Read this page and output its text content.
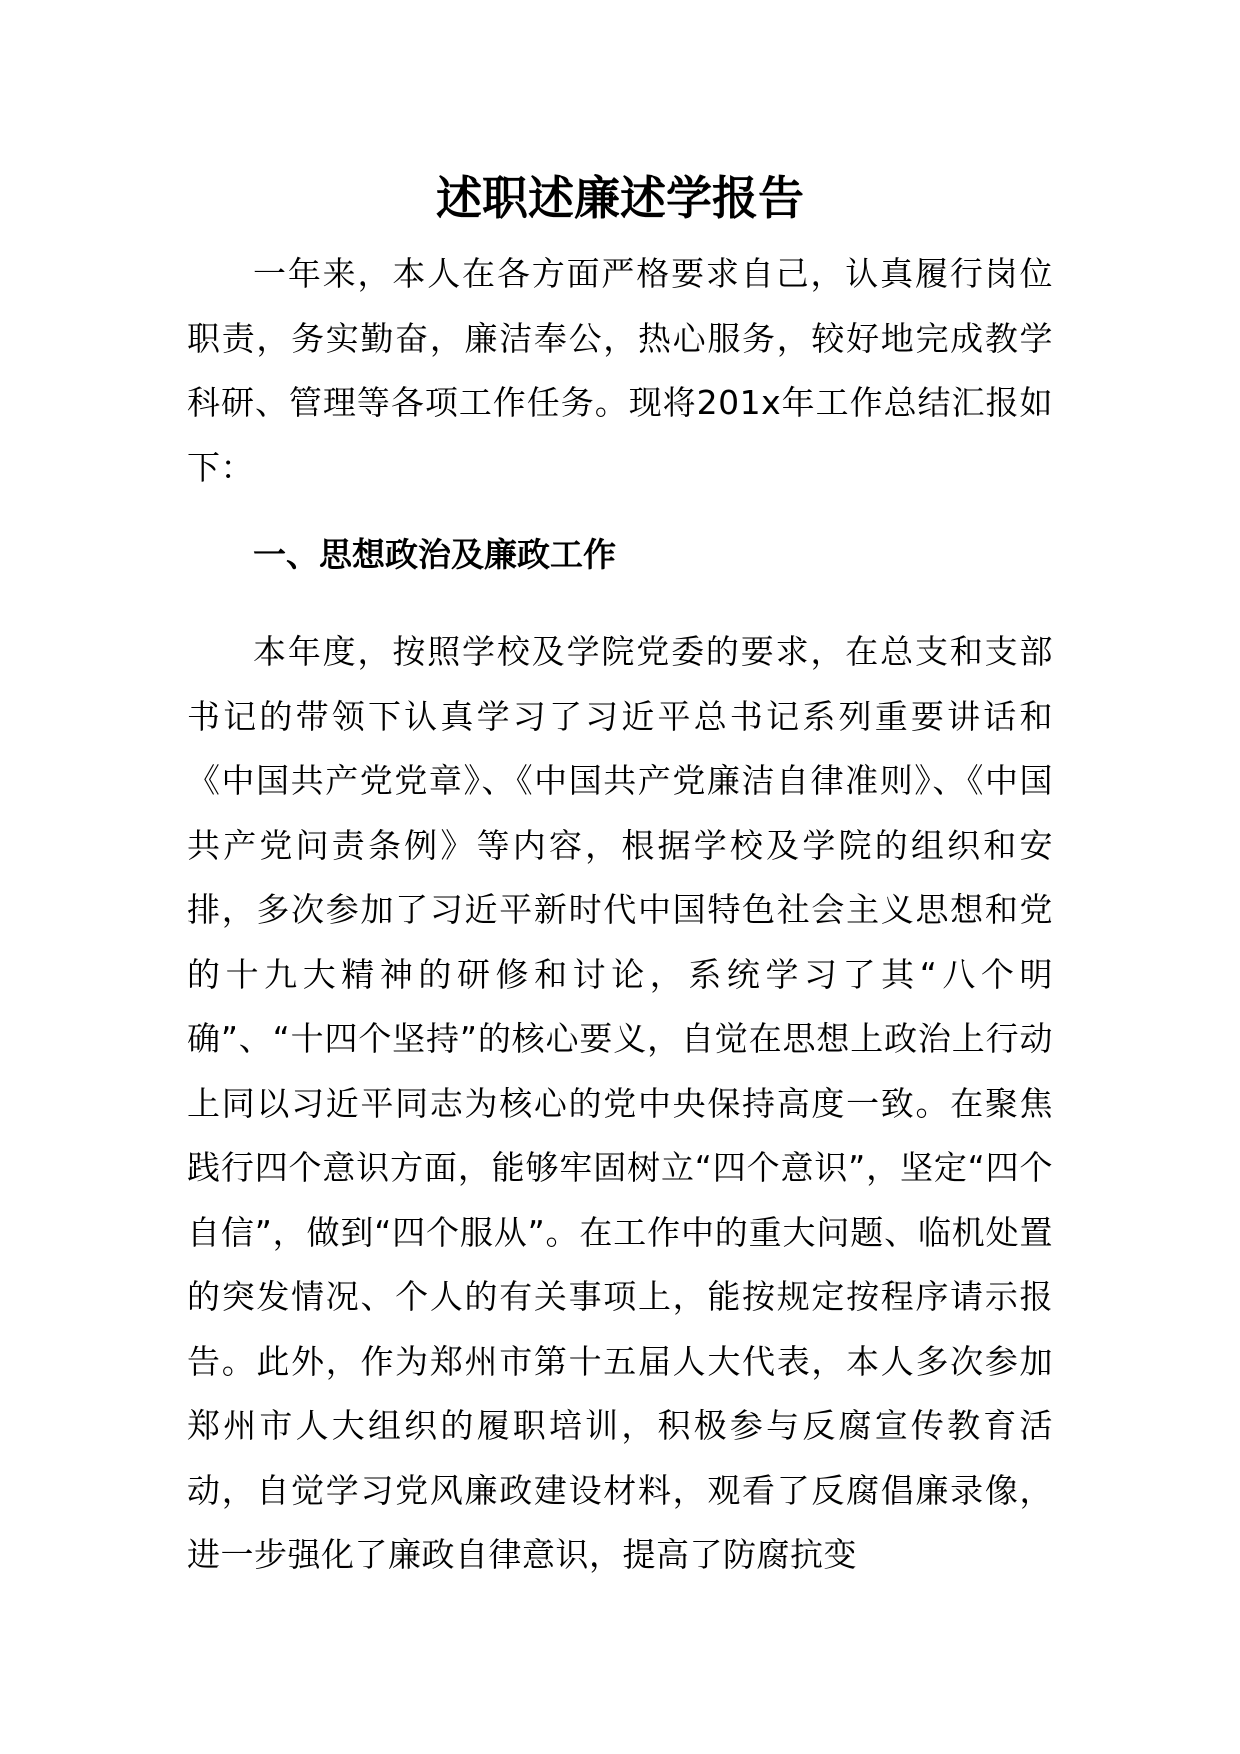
述职述廉述学报告
一年来，本人在各方面严格要求自己，认真履行岗位职责，务实勤奋，廉洁奉公，热心服务，较好地完成教学科研、管理等各项工作任务。现将201x年工作总结汇报如下：
一、思想政治及廉政工作
本年度，按照学校及学院党委的要求，在总支和支部书记的带领下认真学习了习近平总书记系列重要讲话和《中国共产党党章》、《中国共产党廉洁自律准则》、《中国共产党问责条例》等内容，根据学校及学院的组织和安排，多次参加了习近平新时代中国特色社会主义思想和党的十九大精神的研修和讨论，系统学习了其“八个明确”、“十四个坚持”的核心要义，自觉在思想上政治上行动上同以习近平同志为核心的党中央保持高度一致。在聚焦践行四个意识方面，能够牢固树立“四个意识”，坚定“四个自信”，做到“四个服从”。在工作中的重大问题、临机处置的突发情况、个人的有关事项上，能按规定按程序请示报告。此外，作为郑州市第十五届人大代表，本人多次参加郑州市人大组织的履职培训，积极参与反腐宣传教育活动，自觉学习党风廉政建设材料，观看了反腐倡廉录像，进一步强化了廉政自律意识，提高了防腐抗变
